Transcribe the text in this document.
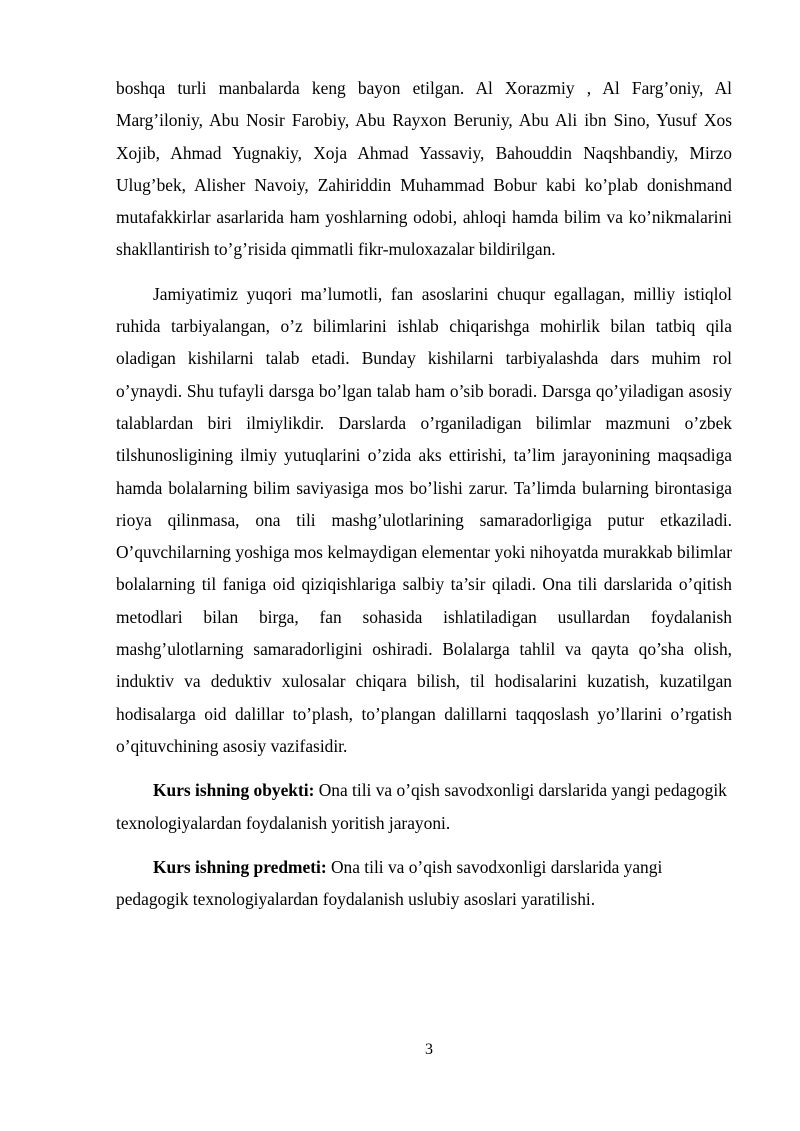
boshqa turli manbalarda keng bayon etilgan. Al Xorazmiy , Al Farg’oniy, Al Marg’iloniy, Abu Nosir Farobiy, Abu Rayxon Beruniy, Abu Ali ibn Sino, Yusuf Xos Xojib, Ahmad Yugnakiy, Xoja Ahmad Yassaviy, Bahouddin Naqshbandiy, Mirzo Ulug’bek, Alisher Navoiy, Zahiriddin Muhammad Bobur kabi ko’plab donishmand mutafakkirlar asarlarida ham yoshlarning odobi, ahloqi hamda bilim va ko’nikmalarini shakllantirish to’g’risida qimmatli fikr-muloxazalar bildirilgan.

Jamiyatimiz yuqori ma’lumotli, fan asoslarini chuqur egallagan, milliy istiqlol ruhida tarbiyalangan, o’z bilimlarini ishlab chiqarishga mohirlik bilan tatbiq qila oladigan kishilarni talab etadi. Bunday kishilarni tarbiyalashda dars muhim rol o’ynaydi. Shu tufayli darsga bo’lgan talab ham o’sib boradi. Darsga qo’yiladigan asosiy talablardan biri ilmiylikdir. Darslarda o’rganiladigan bilimlar mazmuni o’zbek tilshunosligining ilmiy yutuqlarini o’zida aks ettirishi, ta’lim jarayonining maqsadiga hamda bolalarning bilim saviyasiga mos bo’lishi zarur. Ta’limda bularning birontasiga rioya qilinmasa, ona tili mashg’ulotlarining samaradorligiga putur etkaziladi. O’quvchilarning yoshiga mos kelmaydigan elementar yoki nihoyatda murakkab bilimlar bolalarning til faniga oid qiziqishlariga salbiy ta’sir qiladi. Ona tili darslarida o’qitish metodlari bilan birga, fan sohasida ishlatiladigan usullardan foydalanish mashg’ulotlarning samaradorligini oshiradi. Bolalarga tahlil va qayta qo’sha olish, induktiv va deduktiv xulosalar chiqara bilish, til hodisalarini kuzatish, kuzatilgan hodisalarga oid dalillar to’plash, to’plangan dalillarni taqqoslash yo’llarini o’rgatish o’qituvchining asosiy vazifasidir.

Kurs ishning obyekti: Ona tili va o’qish savodxonligi darslarida yangi pedagogik texnologiyalardan foydalanish yoritish jarayoni.

Kurs ishning predmeti: Ona tili va o’qish savodxonligi darslarida yangi pedagogik texnologiyalardan foydalanish uslubiy asoslari yaratilishi.

3
